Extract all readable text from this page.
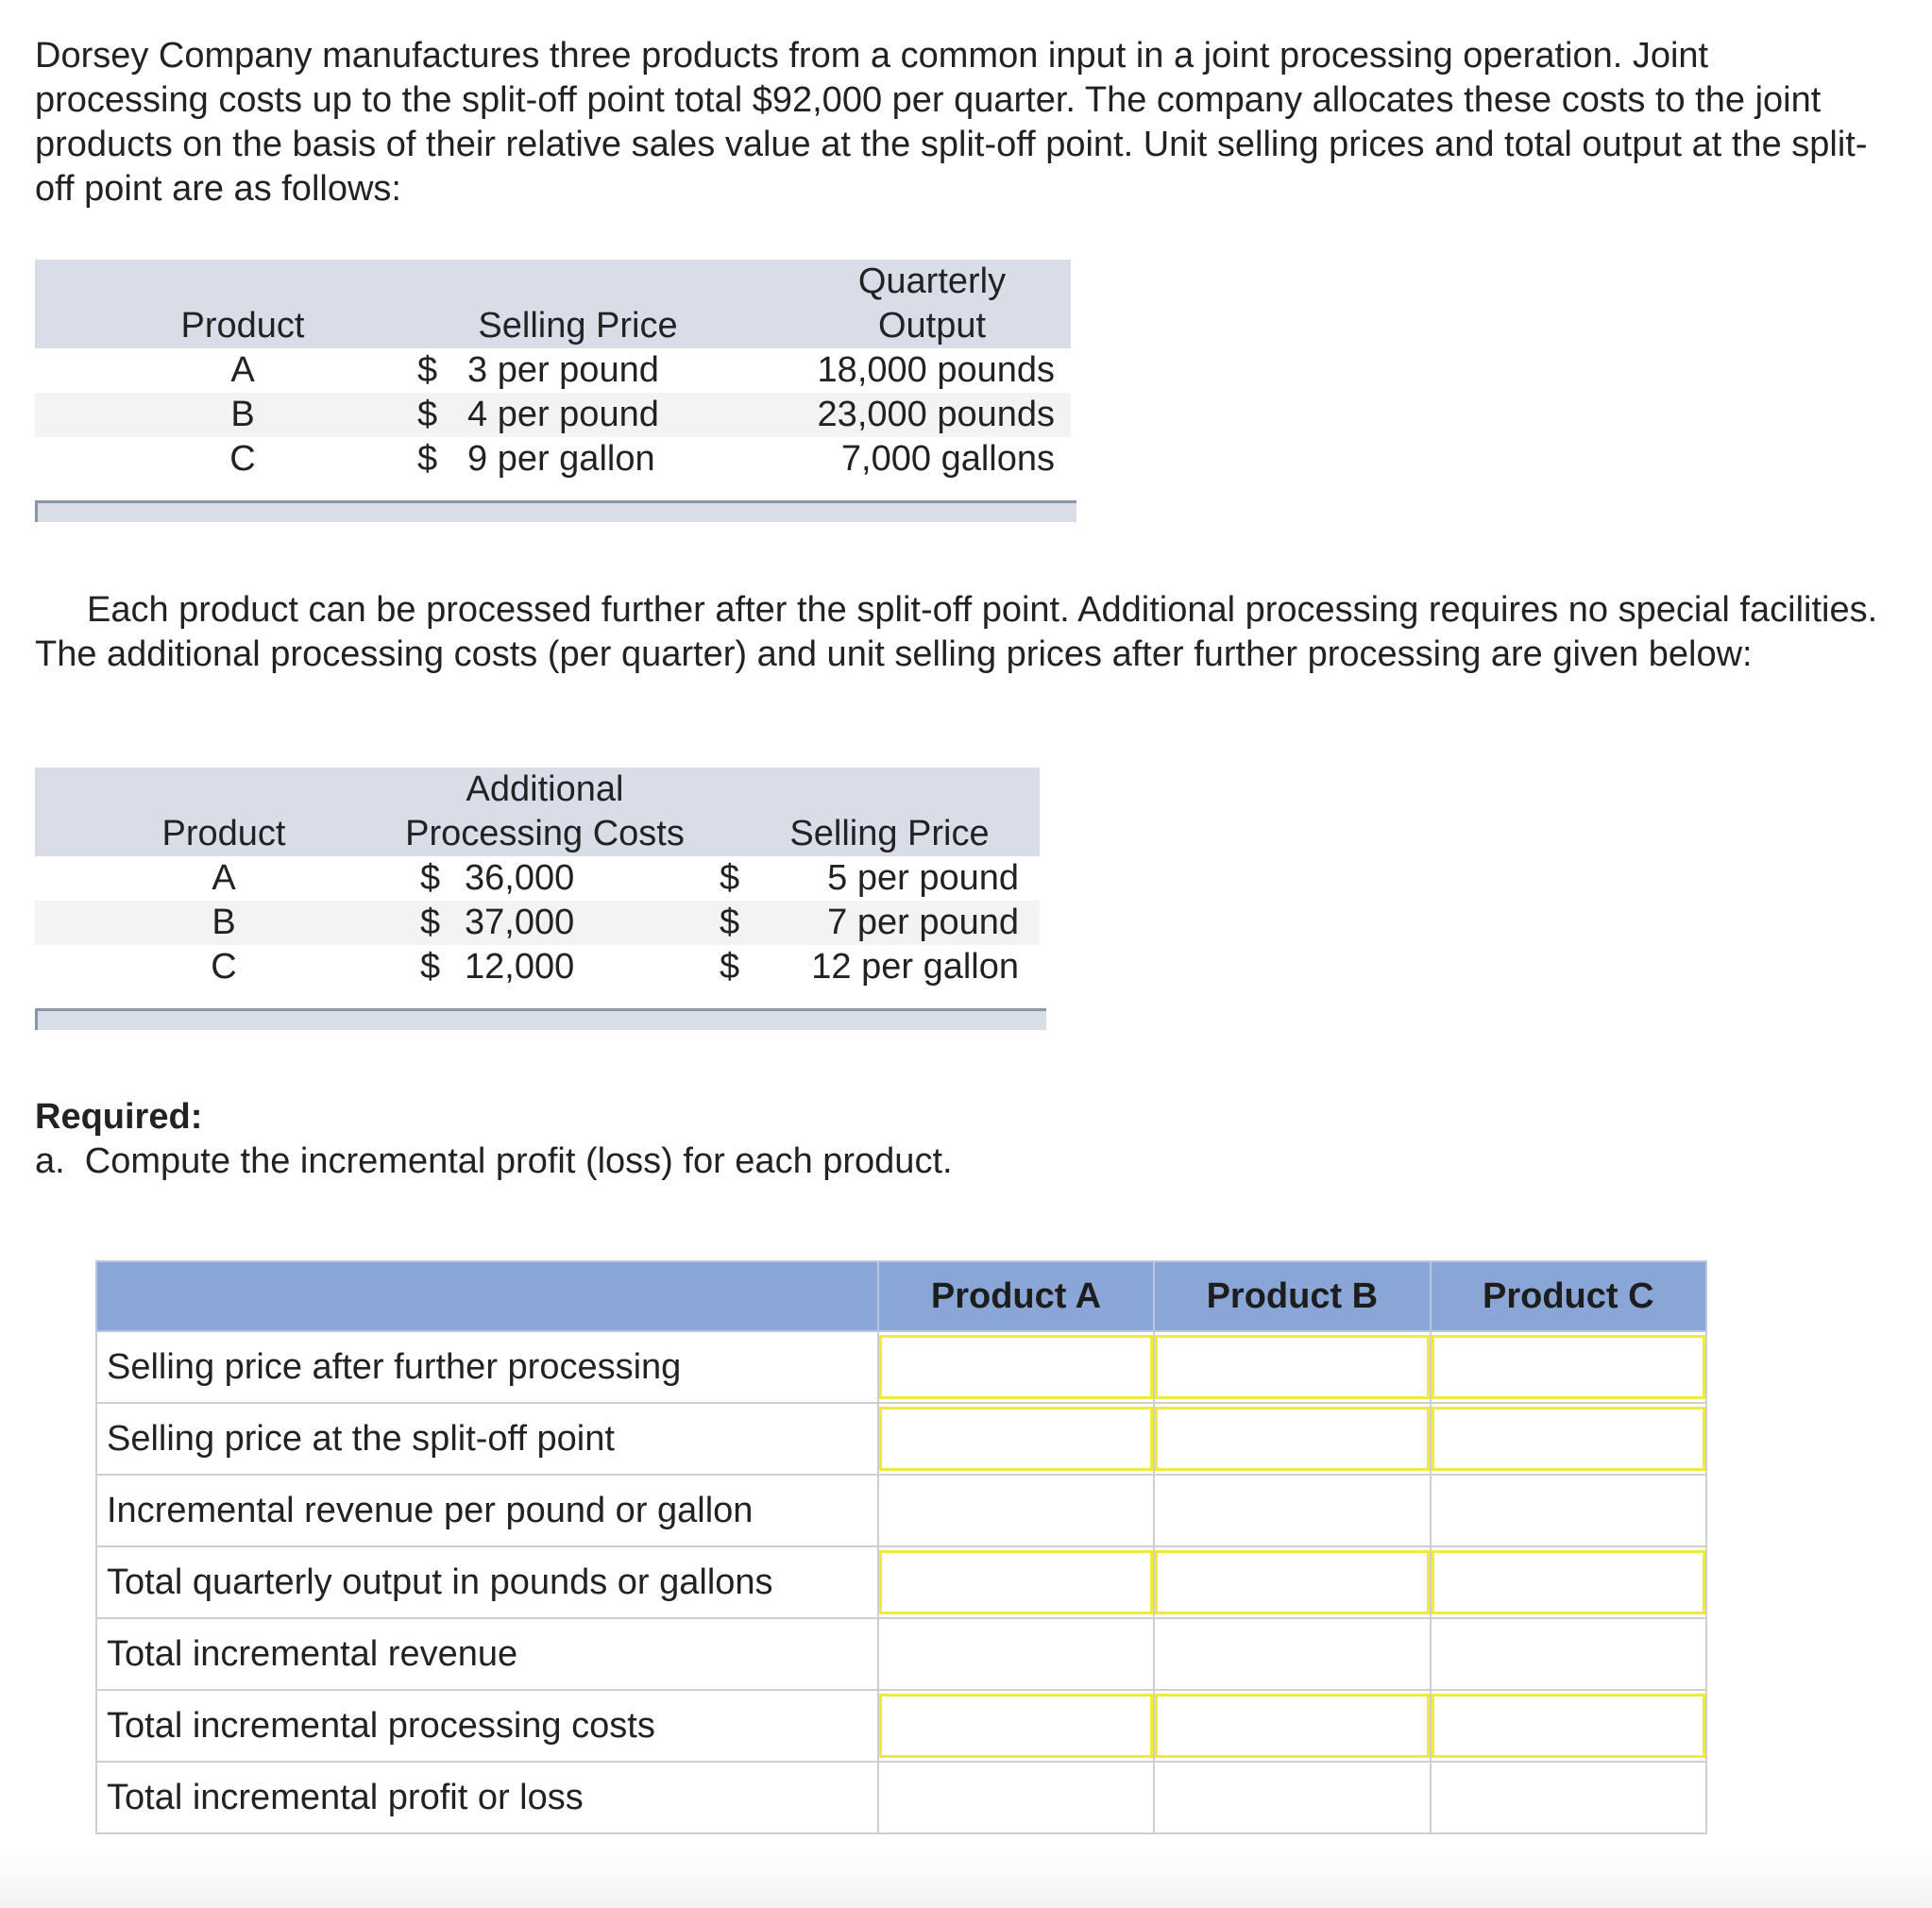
Dorsey Company manufactures three products from a common input in a joint processing operation. Joint processing costs up to the split-off point total $92,000 per quarter. The company allocates these costs to the joint products on the basis of their relative sales value at the split-off point. Unit selling prices and total output at the split-off point are as follows:

Product	Selling Price
Quarterly
Output
A	$ 3 per pound	18,000 pounds
B	$ 4 per pound	23,000 pounds
C	$ 9 per gallon	7,000 gallons

Each product can be processed further after the split-off point. Additional processing requires no special facilities. The additional processing costs (per quarter) and unit selling prices after further processing are given below:

Product
Additional
Processing Costs	Selling Price
A	$ 36,000	$	5 per pound
B	$ 37,000	$	7 per pound
C	$ 12,000	$	12 per gallon
Required:
a.  Compute the incremental profit (loss) for each product.
	Product A	Product B	Product C
Selling price after further processing	

Selling price at the split-off point	

Incremental revenue per pound or gallon	

Total quarterly output in pounds or gallons	

Total incremental revenue	

Total incremental processing costs	

Total incremental profit or loss	
